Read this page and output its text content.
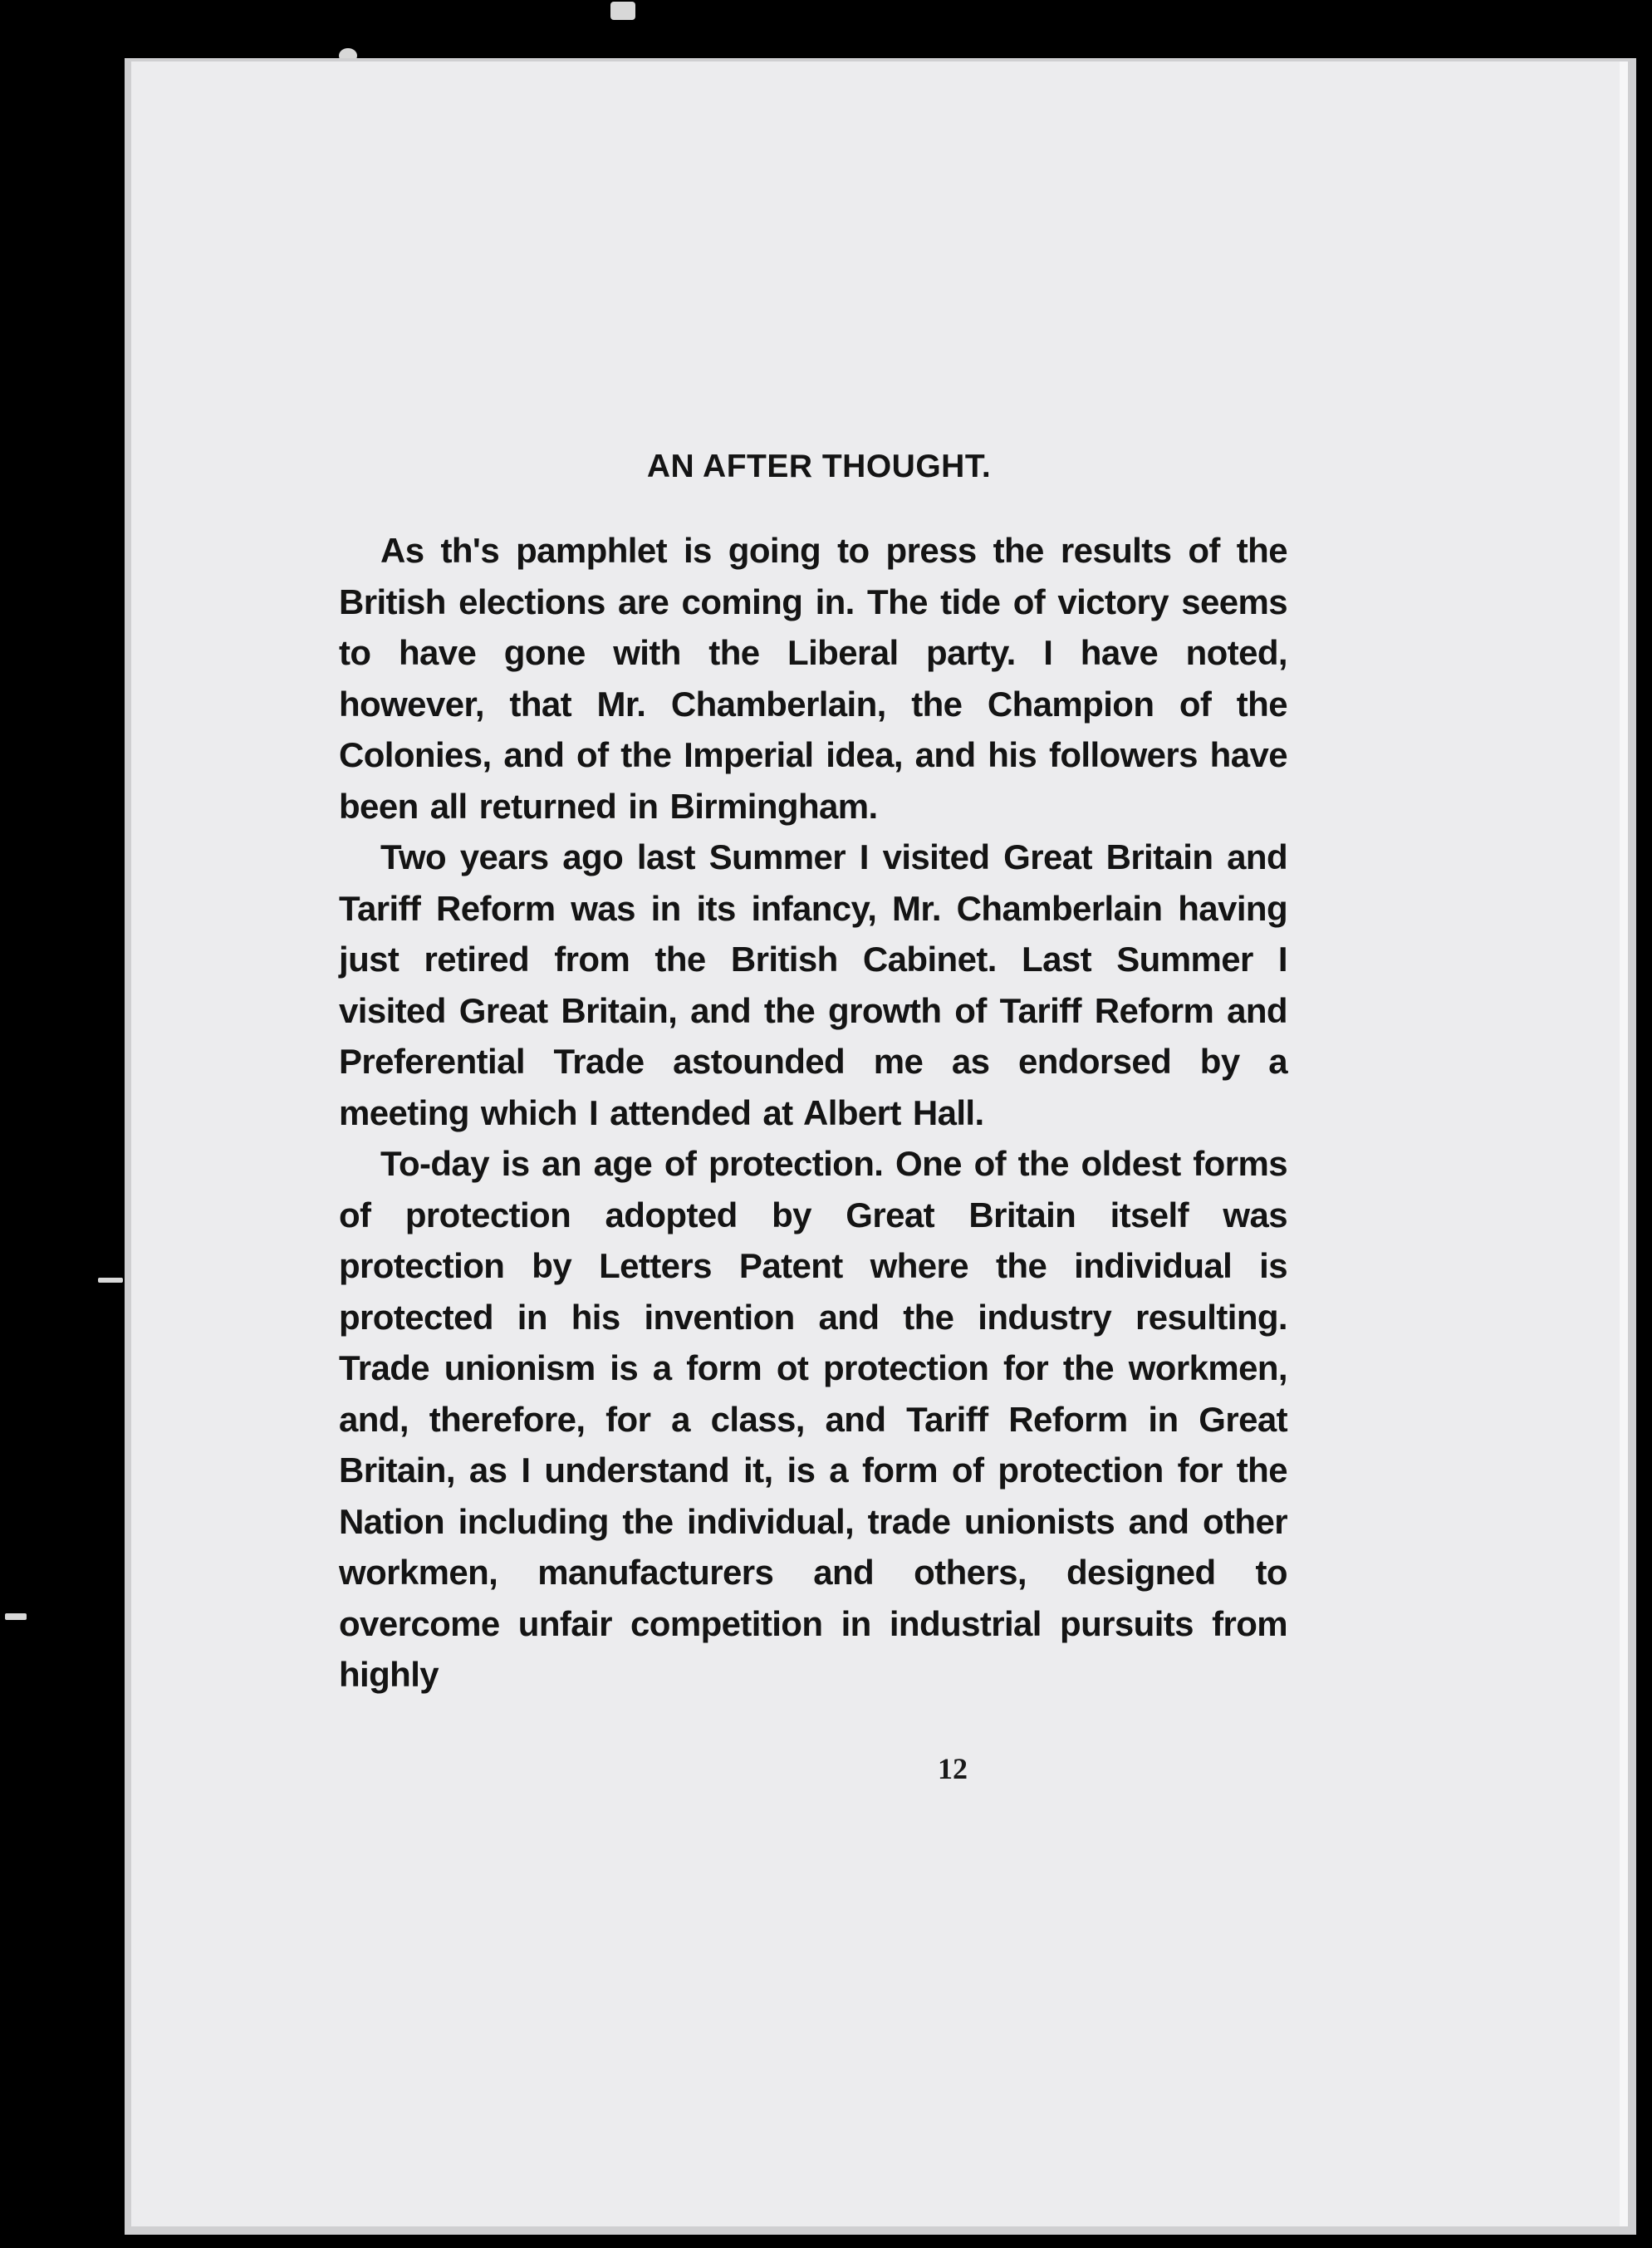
AN AFTER THOUGHT.

As th's pamphlet is going to press the results of the British elections are coming in. The tide of victory seems to have gone with the Liberal party. I have noted, however, that Mr. Chamberlain, the Champion of the Colonies, and of the Imperial idea, and his followers have been all returned in Birmingham.

Two years ago last Summer I visited Great Britain and Tariff Reform was in its infancy, Mr. Chamberlain having just retired from the British Cabinet. Last Summer I visited Great Britain, and the growth of Tariff Reform and Preferential Trade astounded me as endorsed by a meeting which I attended at Albert Hall.

To-day is an age of protection. One of the oldest forms of protection adopted by Great Britain itself was protection by Letters Patent where the individual is protected in his invention and the industry resulting. Trade unionism is a form ot protection for the workmen, and, therefore, for a class, and Tariff Reform in Great Britain, as I understand it, is a form of protection for the Nation including the individual, trade unionists and other workmen, manufacturers and others, designed to overcome unfair competition in industrial pursuits from highly

12
